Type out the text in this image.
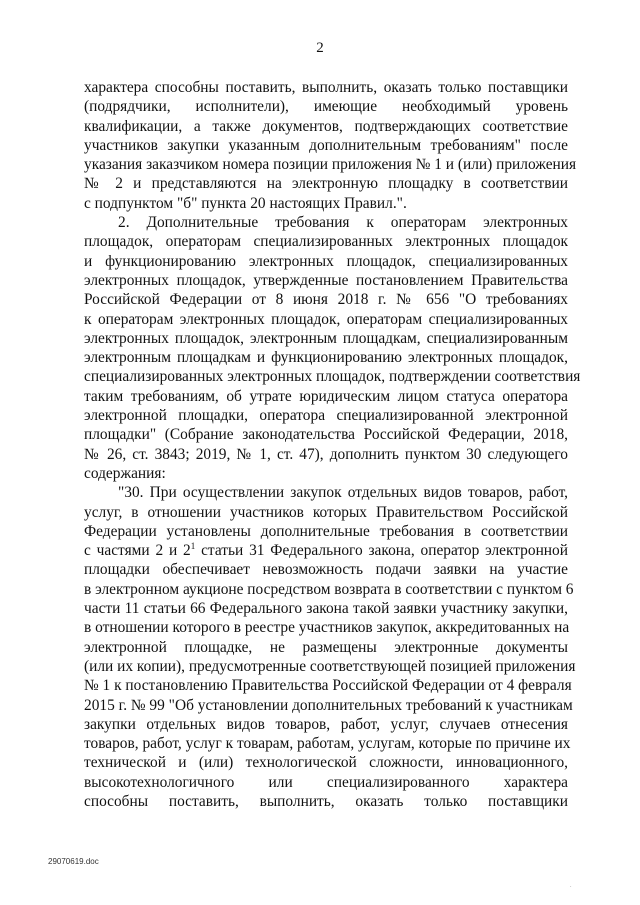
2
характера способны поставить, выполнить, оказать только поставщики
(подрядчики, исполнители), имеющие необходимый уровень
квалификации, а также документов, подтверждающих соответствие
участников закупки указанным дополнительным требованиям" после
указания заказчиком номера позиции приложения № 1 и (или) приложения
№ 2 и представляются на электронную площадку в соответствии
с подпунктом "б" пункта 20 настоящих Правил.".
2. Дополнительные требования к операторам электронных
площадок, операторам специализированных электронных площадок
и функционированию электронных площадок, специализированных
электронных площадок, утвержденные постановлением Правительства
Российской Федерации от 8 июня 2018 г. № 656 "О требованиях
к операторам электронных площадок, операторам специализированных
электронных площадок, электронным площадкам, специализированным
электронным площадкам и функционированию электронных площадок,
специализированных электронных площадок, подтверждении соответствия
таким требованиям, об утрате юридическим лицом статуса оператора
электронной площадки, оператора специализированной электронной
площадки" (Собрание законодательства Российской Федерации, 2018,
№ 26, ст. 3843; 2019, № 1, ст. 47), дополнить пунктом 30 следующего
содержания:
"30. При осуществлении закупок отдельных видов товаров, работ,
услуг, в отношении участников которых Правительством Российской
Федерации установлены дополнительные требования в соответствии
с частями 2 и $2^1$ статьи 31 Федерального закона, оператор электронной
площадки обеспечивает невозможность подачи заявки на участие
в электронном аукционе посредством возврата в соответствии с пунктом 6
части 11 статьи 66 Федерального закона такой заявки участнику закупки,
в отношении которого в реестре участников закупок, аккредитованных на
электронной площадке, не размещены электронные документы
(или их копии), предусмотренные соответствующей позицией приложения
№ 1 к постановлению Правительства Российской Федерации от 4 февраля
2015 г. № 99 "Об установлении дополнительных требований к участникам
закупки отдельных видов товаров, работ, услуг, случаев отнесения
товаров, работ, услуг к товарам, работам, услугам, которые по причине их
технической и (или) технологической сложности, инновационного,
высокотехнологичного или специализированного характера
способны поставить, выполнить, оказать только поставщики
29070619.doc
.
